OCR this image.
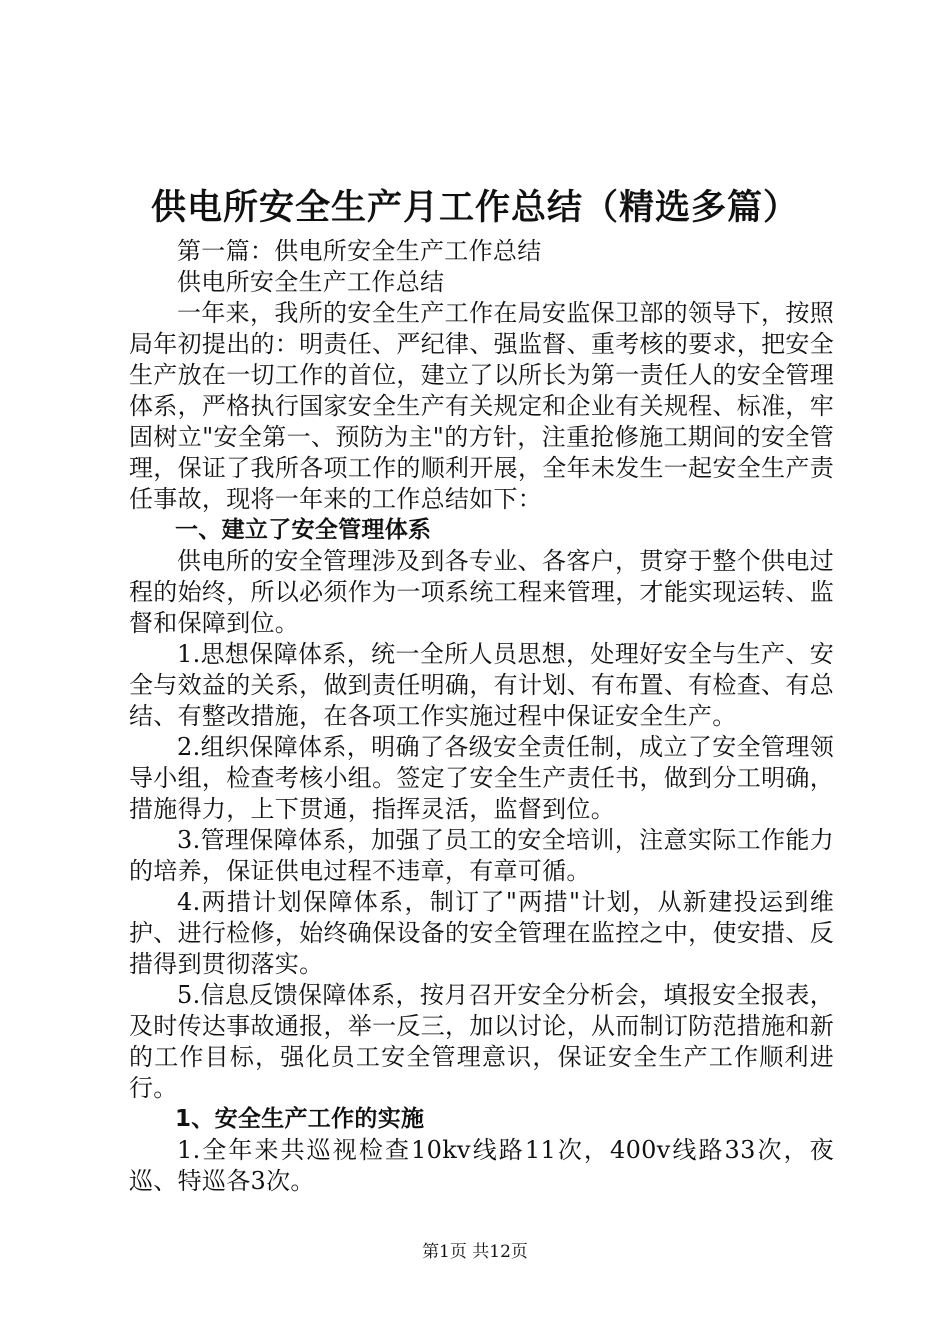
供电所安全生产月工作总结（精选多篇）

第一篇：供电所安全生产工作总结

供电所安全生产工作总结

一年来，我所的安全生产工作在局安监保卫部的领导下，按照局年初提出的：明责任、严纪律、强监督、重考核的要求，把安全生产放在一切工作的首位，建立了以所长为第一责任人的安全管理体系，严格执行国家安全生产有关规定和企业有关规程、标准，牢固树立"安全第一、预防为主"的方针，注重抢修施工期间的安全管理，保证了我所各项工作的顺利开展，全年未发生一起安全生产责任事故，现将一年来的工作总结如下：

一、建立了安全管理体系

供电所的安全管理涉及到各专业、各客户，贯穿于整个供电过程的始终，所以必须作为一项系统工程来管理，才能实现运转、监督和保障到位。

1.思想保障体系，统一全所人员思想，处理好安全与生产、安全与效益的关系，做到责任明确，有计划、有布置、有检查、有总结、有整改措施，在各项工作实施过程中保证安全生产。

2.组织保障体系，明确了各级安全责任制，成立了安全管理领导小组，检查考核小组。签定了安全生产责任书，做到分工明确，措施得力，上下贯通，指挥灵活，监督到位。

3.管理保障体系，加强了员工的安全培训，注意实际工作能力的培养，保证供电过程不违章，有章可循。

4.两措计划保障体系，制订了"两措"计划，从新建投运到维护、进行检修，始终确保设备的安全管理在监控之中，使安措、反措得到贯彻落实。

5.信息反馈保障体系，按月召开安全分析会，填报安全报表，及时传达事故通报，举一反三，加以讨论，从而制订防范措施和新的工作目标，强化员工安全管理意识，保证安全生产工作顺利进行。

1、安全生产工作的实施

1.全年来共巡视检查10kv线路11次，400v线路33次，夜巡、特巡各3次。

第1页 共12页
